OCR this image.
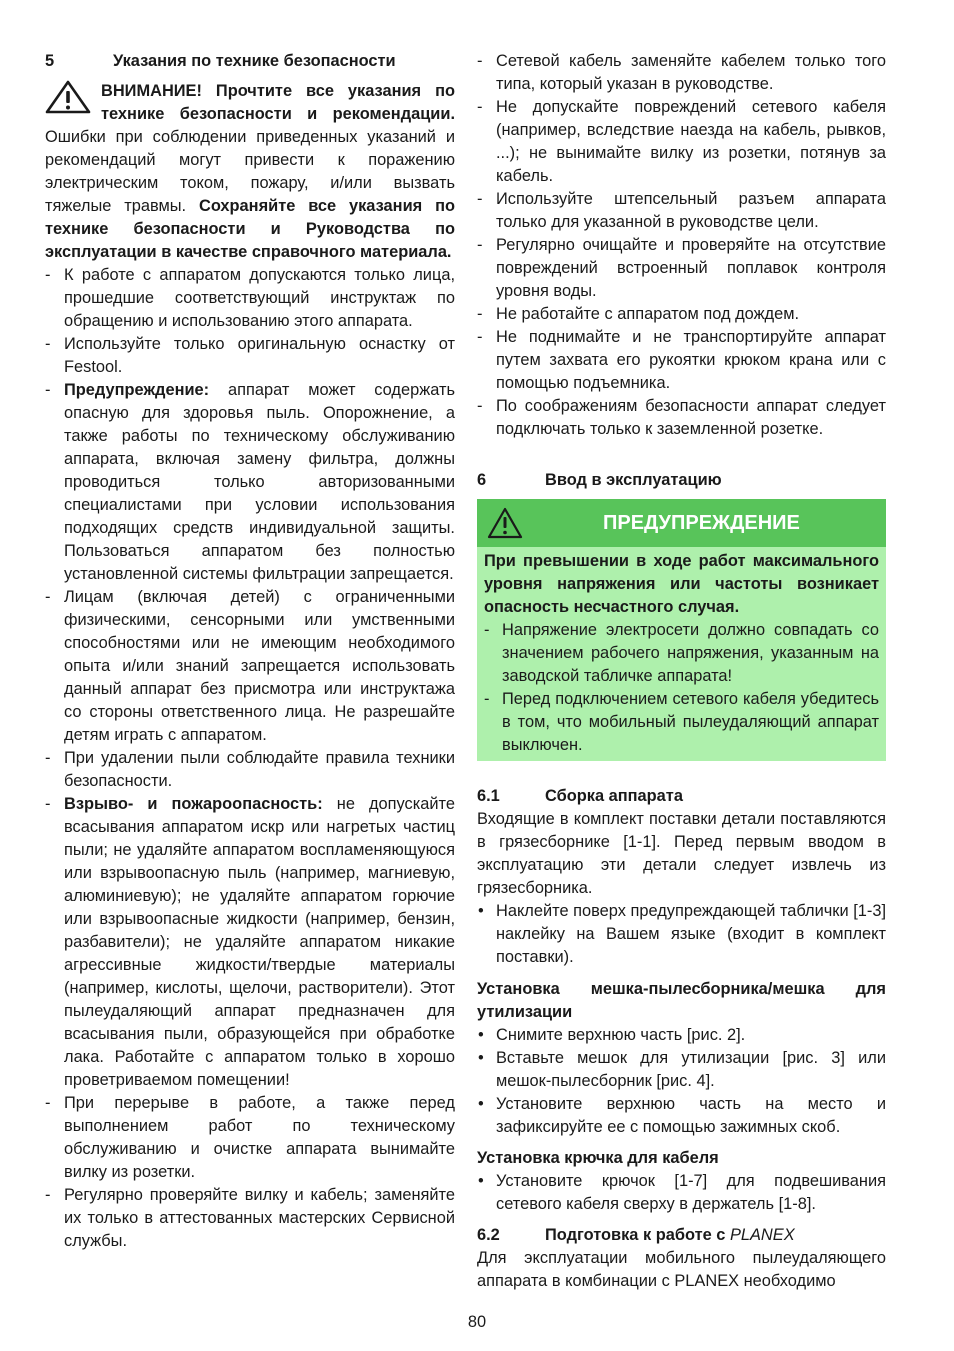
5	Указания по технике безопасности

ВНИМАНИЕ! Прочтите все указания по технике безопасности и рекомендации. Ошибки при соблюдении приведенных указаний и рекомендаций могут привести к поражению электрическим током, пожару, и/или вызвать тяжелые травмы. Сохраняйте все указания по технике безопасности и Руководства по эксплуатации в качестве справочного материала.

- К работе с аппаратом допускаются только лица, прошедшие соответствующий инструктаж по обращению и использованию этого аппарата.
- Используйте только оригинальную оснастку от Festool.
- Предупреждение: аппарат может содержать опасную для здоровья пыль. Опорожнение, а также работы по техническому обслуживанию аппарата, включая замену фильтра, должны проводиться только авторизованными специалистами при условии использования подходящих средств индивидуальной защиты. Пользоваться аппаратом без полностью установленной системы фильтрации запрещается.
- Лицам (включая детей) с ограниченными физическими, сенсорными или умственными способностями или не имеющим необходимого опыта и/или знаний запрещается использовать данный аппарат без присмотра или инструктажа со стороны ответственного лица. Не разрешайте детям играть с аппаратом.
- При удалении пыли соблюдайте правила техники безопасности.
- Взрыво- и пожароопасность: не допускайте всасывания аппаратом искр или нагретых частиц пыли; не удаляйте аппаратом воспламеняющуюся или взрывоопасную пыль (например, магниевую, алюминиевую); не удаляйте аппаратом горючие или взрывоопасные жидкости (например, бензин, разбавители); не удаляйте аппаратом никакие агрессивные жидкости/твердые материалы (например, кислоты, щелочи, растворители). Этот пылеудаляющий аппарат предназначен для всасывания пыли, образующейся при обработке лака. Работайте с аппаратом только в хорошо проветриваемом помещении!
- При перерыве в работе, а также перед выполнением работ по техническому обслуживанию и очистке аппарата вынимайте вилку из розетки.
- Регулярно проверяйте вилку и кабель; заменяйте их только в аттестованных мастерских Сервисной службы.
- Сетевой кабель заменяйте кабелем только того типа, который указан в руководстве.
- Не допускайте повреждений сетевого кабеля (например, вследствие наезда на кабель, рывков, ...); не вынимайте вилку из розетки, потянув за кабель.
- Используйте штепсельный разъем аппарата только для указанной в руководстве цели.
- Регулярно очищайте и проверяйте на отсутствие повреждений встроенный поплавок контроля уровня воды.
- Не работайте с аппаратом под дождем.
- Не поднимайте и не транспортируйте аппарат путем захвата его рукоятки крюком крана или с помощью подъемника.
- По соображениям безопасности аппарат следует подключать только к заземленной розетке.
6	Ввод в эксплуатацию
ПРЕДУПРЕЖДЕНИЕ

При превышении в ходе работ максимального уровня напряжения или частоты возникает опасность несчастного случая.

- Напряжение электросети должно совпадать со значением рабочего напряжения, указанным на заводской табличке аппарата!
- Перед подключением сетевого кабеля убедитесь в том, что мобильный пылеудаляющий аппарат выключен.
6.1	Сборка аппарата

Входящие в комплект поставки детали поставляются в грязесборнике [1-1]. Перед первым вводом в эксплуатацию эти детали следует извлечь из грязесборника.

• Наклейте поверх предупреждающей таблички [1-3] наклейку на Вашем языке (входит в комплект поставки).

Установка мешка-пылесборника/мешка для утилизации

• Снимите верхнюю часть [рис. 2].
• Вставьте мешок для утилизации [рис. 3] или мешок-пылесборник [рис. 4].
• Установите верхнюю часть на место и зафиксируйте ее с помощью зажимных скоб.

Установка крючка для кабеля

• Установите крючок [1-7] для подвешивания сетевого кабеля сверху в держатель [1-8].
6.2	Подготовка к работе с PLANEX

Для эксплуатации мобильного пылеудаляющего аппарата в комбинации с PLANEX необходимо

80
